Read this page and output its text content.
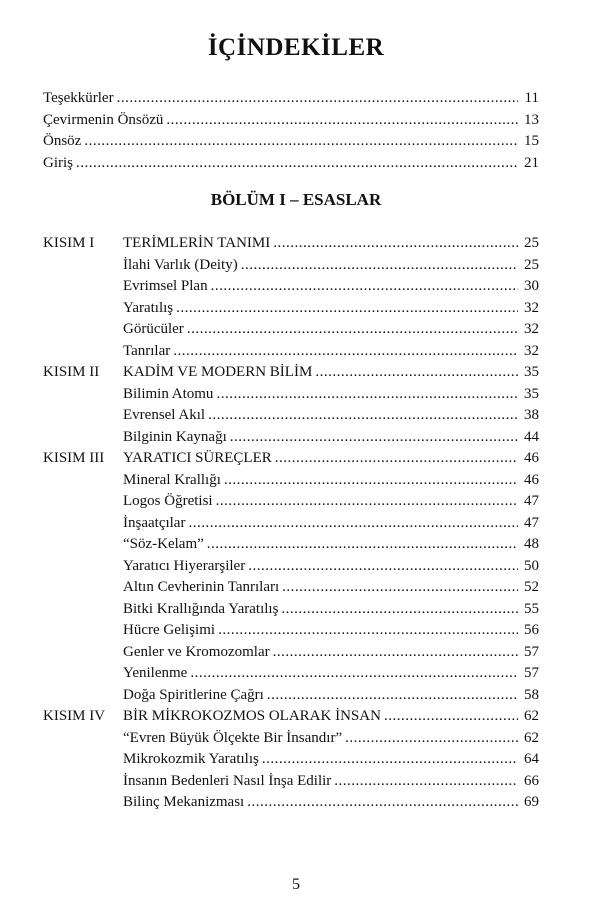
İÇİNDEKİLER
Teşekkürler .....	11
Çevirmenin Önsözü .....	13
Önsöz .....	15
Giriş .....	21
BÖLÜM I – ESASLAR
KISIM I TERİMLERİN TANIMI .....	25
İlahi Varlık (Deity) .....	25
Evrimsel Plan .....	30
Yaratılış .....	32
Görücüler .....	32
Tanrılar .....	32
KISIM II KADİM VE MODERN BİLİM .....	35
Bilimin Atomu .....	35
Evrensel Akıl .....	38
Bilginin Kaynağı .....	44
KISIM III YARATICI SÜREÇLER .....	46
Mineral Krallığı .....	46
Logos Öğretisi .....	47
İnşaatçılar .....	47
“Söz-Kelam” .....	48
Yaratıcı Hiyerarşiler .....	50
Altın Cevherinin Tanrıları .....	52
Bitki Krallığında Yaratılış .....	55
Hücre Gelişimi .....	56
Genler ve Kromozomlar .....	57
Yenilenme .....	57
Doğa Spiritlerine Çağrı .....	58
KISIM IV BİR MİKROKOZMOS OLARAK İNSAN .....	62
“Evren Büyük Ölçekte Bir İnsandır” .....	62
Mikrokozmik Yaratılış .....	64
İnsanın Bedenleri Nasıl İnşa Edilir .....	66
Bilinç Mekanizması .....	69
5
